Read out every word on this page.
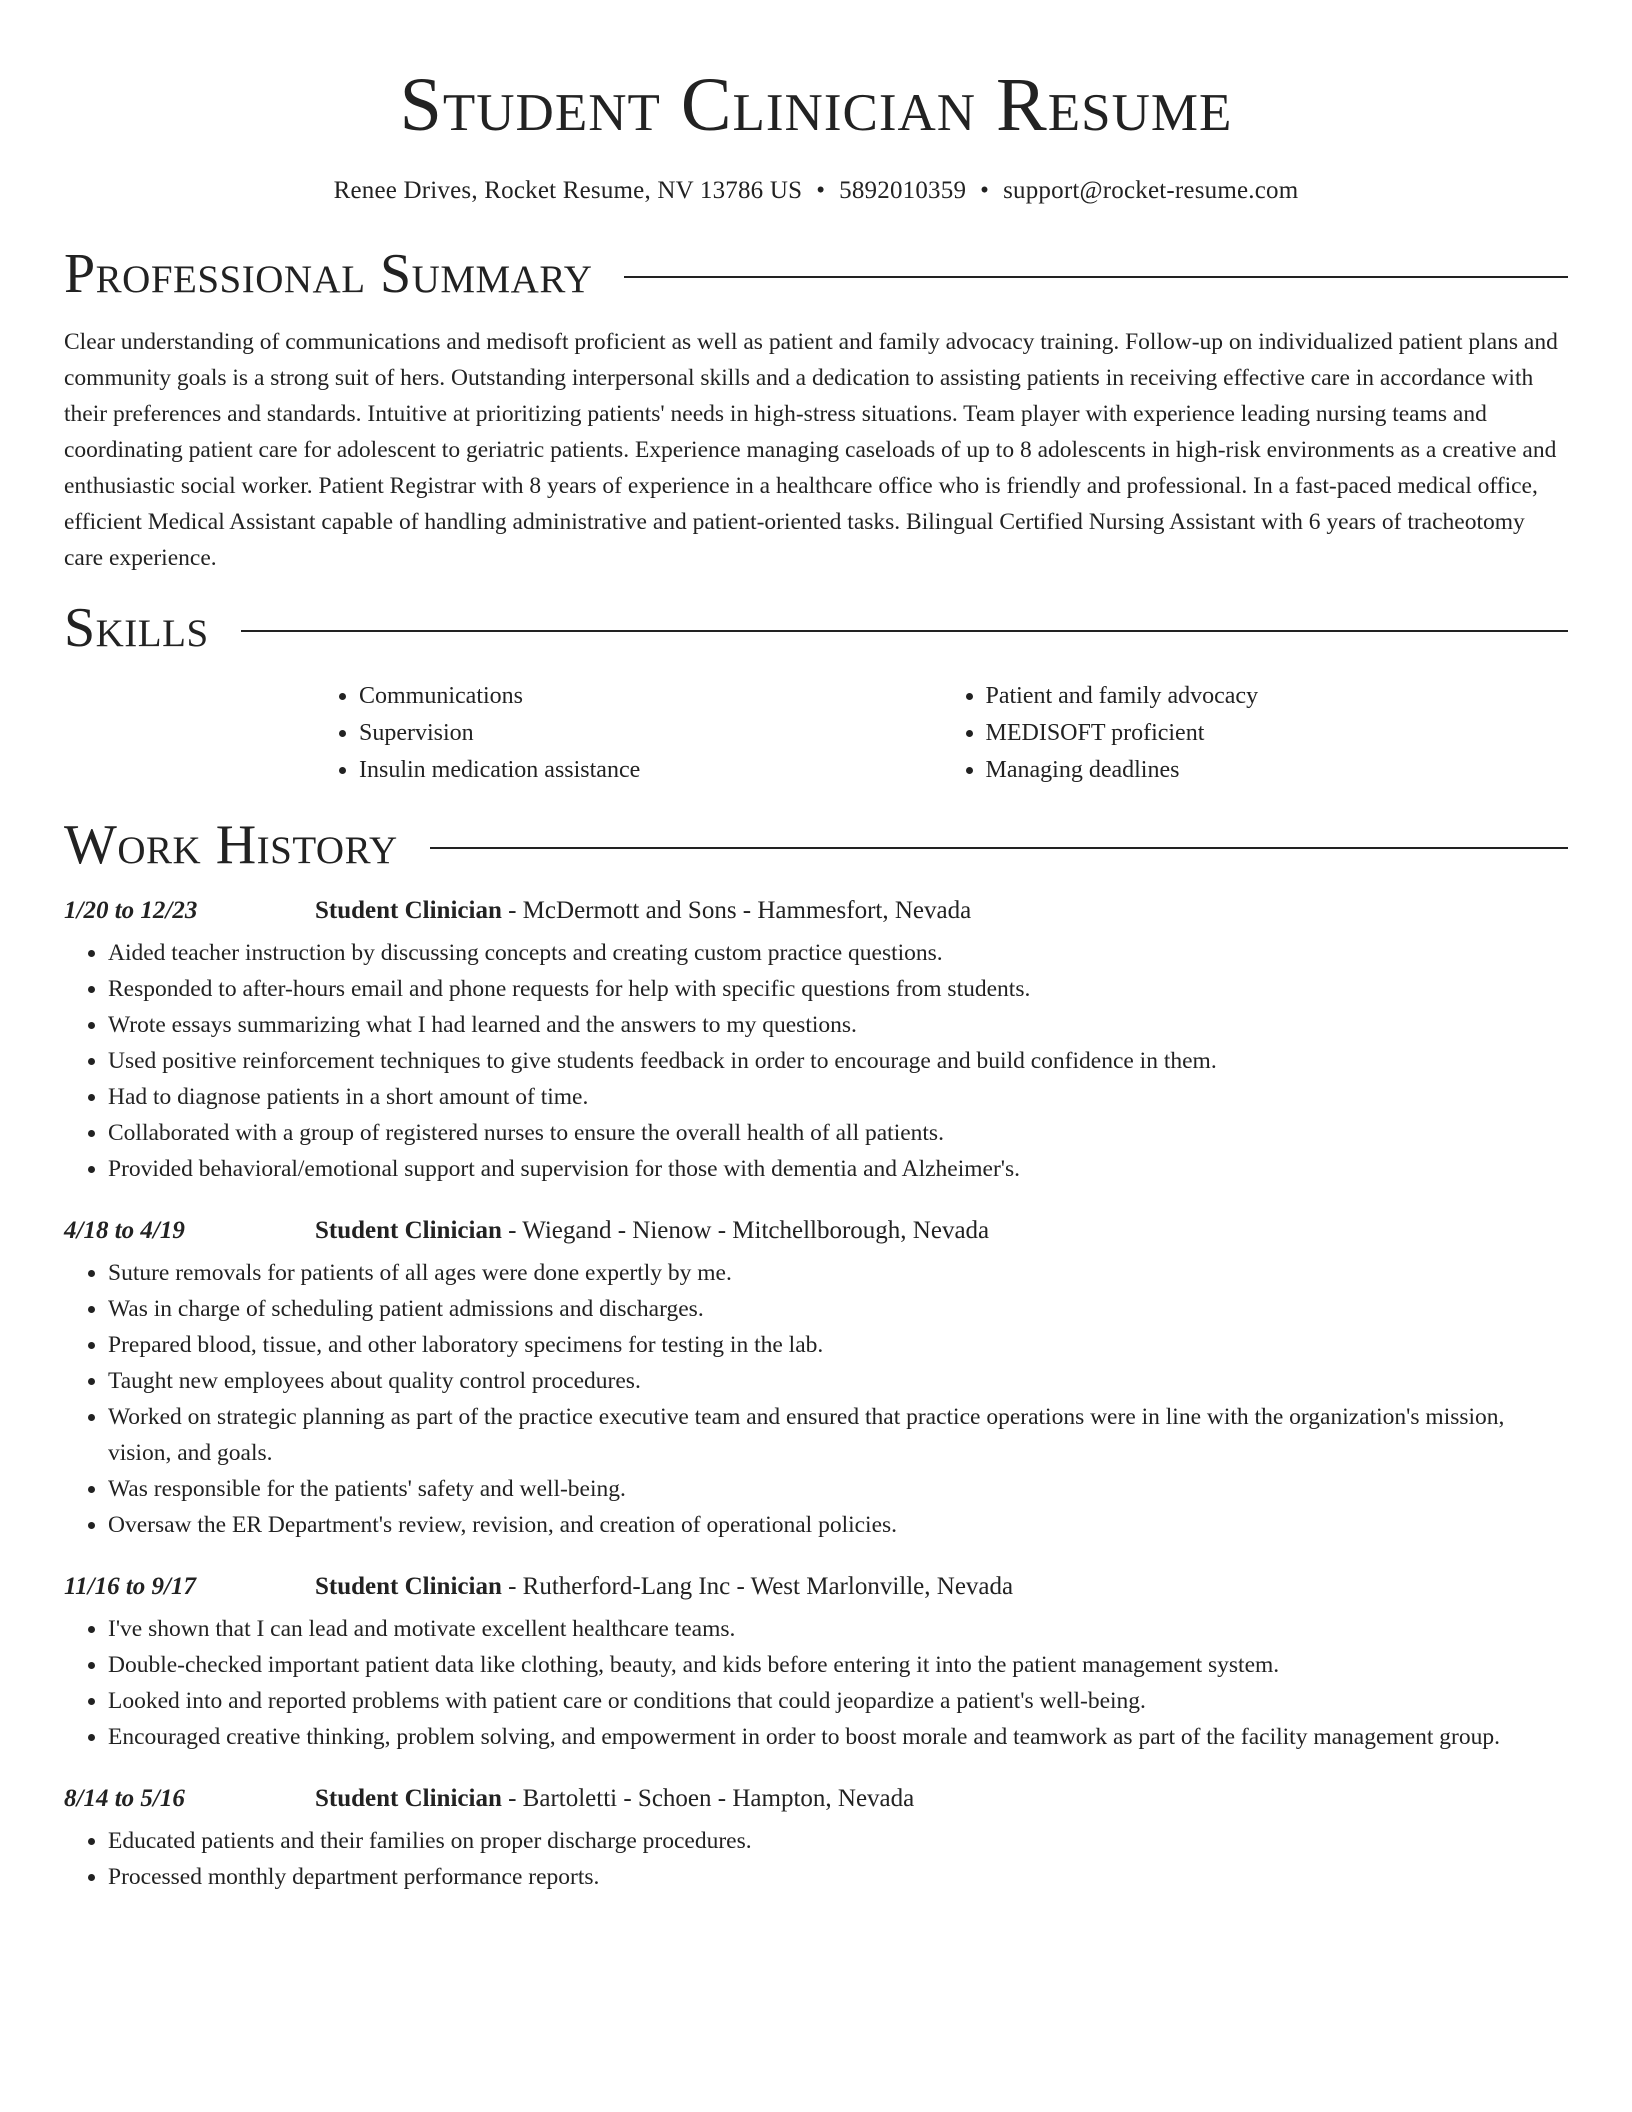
Student Clinician Resume
Renee Drives, Rocket Resume, NV 13786 US • 5892010359 • support@rocket-resume.com
Professional Summary

Clear understanding of communications and medisoft proficient as well as patient and family advocacy training. Follow-up on individualized patient plans and community goals is a strong suit of hers. Outstanding interpersonal skills and a dedication to assisting patients in receiving effective care in accordance with their preferences and standards. Intuitive at prioritizing patients' needs in high-stress situations. Team player with experience leading nursing teams and coordinating patient care for adolescent to geriatric patients. Experience managing caseloads of up to 8 adolescents in high-risk environments as a creative and enthusiastic social worker. Patient Registrar with 8 years of experience in a healthcare office who is friendly and professional. In a fast-paced medical office, efficient Medical Assistant capable of handling administrative and patient-oriented tasks. Bilingual Certified Nursing Assistant with 6 years of tracheotomy care experience.

Skills
• Communications
• Supervision
• Insulin medication assistance
• Patient and family advocacy
• MEDISOFT proficient
• Managing deadlines
Work History
1/20 to 12/23	Student Clinician - McDermott and Sons - Hammesfort, Nevada
• Aided teacher instruction by discussing concepts and creating custom practice questions.
• Responded to after-hours email and phone requests for help with specific questions from students.
• Wrote essays summarizing what I had learned and the answers to my questions.
• Used positive reinforcement techniques to give students feedback in order to encourage and build confidence in them.
• Had to diagnose patients in a short amount of time.
• Collaborated with a group of registered nurses to ensure the overall health of all patients.
• Provided behavioral/emotional support and supervision for those with dementia and Alzheimer's.
4/18 to 4/19	Student Clinician - Wiegand - Nienow - Mitchellborough, Nevada
• Suture removals for patients of all ages were done expertly by me.
• Was in charge of scheduling patient admissions and discharges.
• Prepared blood, tissue, and other laboratory specimens for testing in the lab.
• Taught new employees about quality control procedures.
• Worked on strategic planning as part of the practice executive team and ensured that practice operations were in line with the organization's mission, vision, and goals.
• Was responsible for the patients' safety and well-being.
• Oversaw the ER Department's review, revision, and creation of operational policies.
11/16 to 9/17	Student Clinician - Rutherford-Lang Inc - West Marlonville, Nevada
• I've shown that I can lead and motivate excellent healthcare teams.
• Double-checked important patient data like clothing, beauty, and kids before entering it into the patient management system.
• Looked into and reported problems with patient care or conditions that could jeopardize a patient's well-being.
• Encouraged creative thinking, problem solving, and empowerment in order to boost morale and teamwork as part of the facility management group.
8/14 to 5/16	Student Clinician - Bartoletti - Schoen - Hampton, Nevada
• Educated patients and their families on proper discharge procedures.
• Processed monthly department performance reports.
